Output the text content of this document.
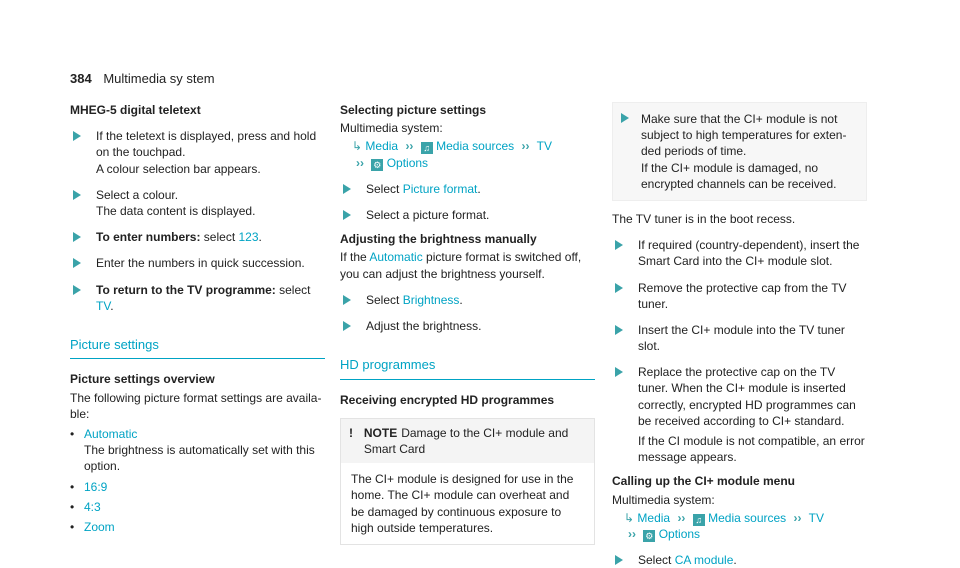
384 Multimedia sy stem
MHEG-5 digital teletext
If the teletext is displayed, press and hold on the touchpad.
A colour selection bar appears.
Select a colour.
The data content is displayed.
To enter numbers: select 123.
Enter the numbers in quick succession.
To return to the TV programme: select TV.
Picture settings
Picture settings overview
The following picture format settings are availa-ble:
• Automatic
The brightness is automatically set with this option.
• 16:9
• 4:3
• Zoom
Selecting picture settings
Multimedia system:
↳ Media ›› ♫ Media sources ›› TV
›› ⚙ Options
Select Picture format.
Select a picture format.
Adjusting the brightness manually
If the Automatic picture format is switched off, you can adjust the brightness yourself.
Select Brightness.
Adjust the brightness.
HD programmes
Receiving encrypted HD programmes
! NOTE Damage to the CI+ module and Smart Card
The CI+ module is designed for use in the home. The CI+ module can overheat and be damaged by continuous exposure to high outside temperatures.
Make sure that the CI+ module is not subject to high temperatures for exten-ded periods of time.
If the CI+ module is damaged, no encrypted channels can be received.
The TV tuner is in the boot recess.
If required (country-dependent), insert the Smart Card into the CI+ module slot.
Remove the protective cap from the TV tuner.
Insert the CI+ module into the TV tuner slot.
Replace the protective cap on the TV tuner. When the CI+ module is inserted correctly, encrypted HD programmes can be received according to CI+ standard.
If the CI module is not compatible, an error message appears.
Calling up the CI+ module menu
Multimedia system:
↳ Media ›› ♫ Media sources ›› TV
›› ⚙ Options
Select CA module.
